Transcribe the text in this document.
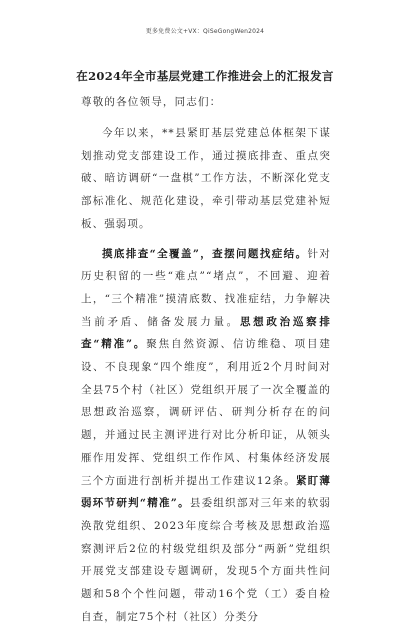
更多免费公文+VX：QiSeGongWen2024
在2024年全市基层党建工作推进会上的汇报发言
尊敬的各位领导，同志们：

今年以来，**县紧盯基层党建总体框架下谋划推动党支部建设工作，通过摸底排查、重点突破、暗访调研“一盘棋”工作方法，不断深化党支部标准化、规范化建设，牵引带动基层党建补短板、强弱项。

摸底排查“全覆盖”，查摆问题找症结。针对历史积留的一些“难点”“堵点”，不回避、迎着上，“三个精准”摸清底数、找准症结，力争解决当前矛盾、储备发展力量。思想政治巡察排查“精准”。聚焦自然资源、信访维稳、项目建设、不良现象“四个维度”，利用近2个月时间对全县75个村（社区）党组织开展了一次全覆盖的思想政治巡察，调研评估、研判分析存在的问题，并通过民主测评进行对比分析印证，从领头雁作用发挥、党组织工作作风、村集体经济发展三个方面进行剖析并提出工作建议12条。紧盯薄弱环节研判“精准”。县委组织部对三年来的软弱涣散党组织、2023年度综合考核及思想政治巡察测评后2位的村级党组织及部分“两新”党组织开展党支部建设专题调研，发现5个方面共性问题和58个个性问题，带动16个党（工）委自检自查，制定75个村（社区）分类分
